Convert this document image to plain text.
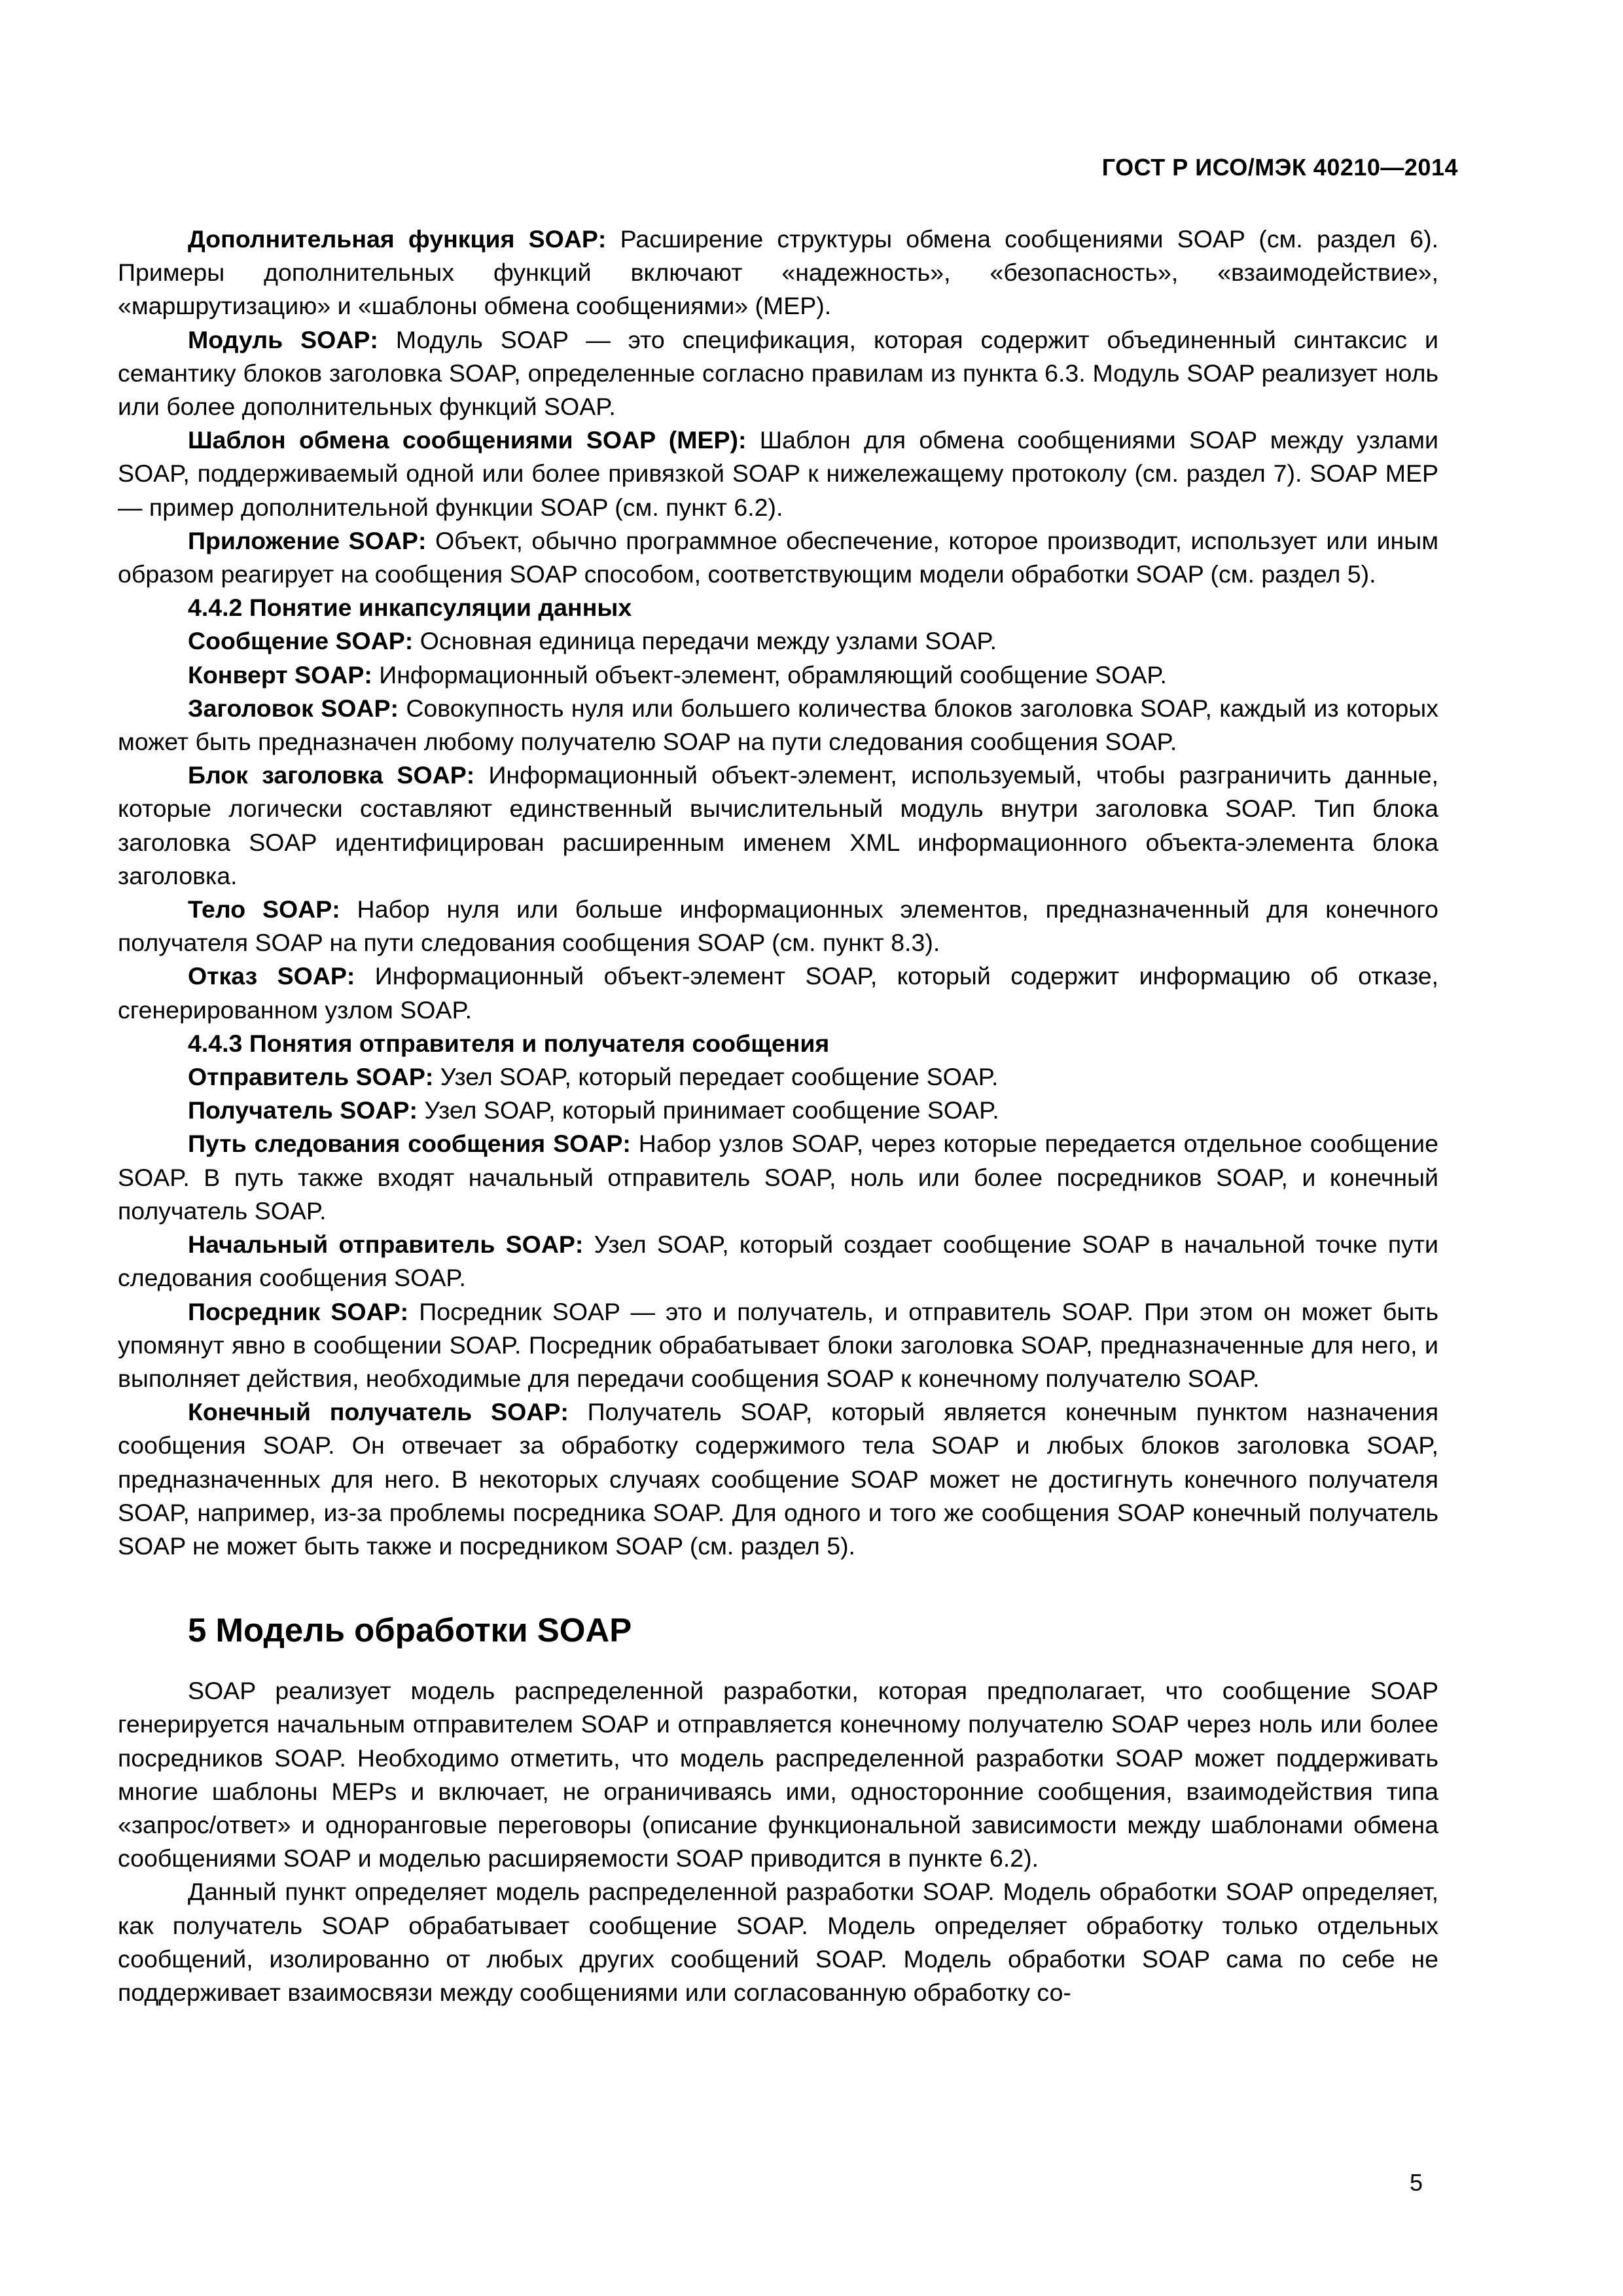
ГОСТ Р ИСО/МЭК 40210—2014

Дополнительная функция SOAP: Расширение структуры обмена сообщениями SOAP (см. раздел 6). Примеры дополнительных функций включают «надежность», «безопасность», «взаимодействие», «маршрутизацию» и «шаблоны обмена сообщениями» (MEP).

Модуль SOAP: Модуль SOAP — это спецификация, которая содержит объединенный синтаксис и семантику блоков заголовка SOAP, определенные согласно правилам из пункта 6.3. Модуль SOAP реализует ноль или более дополнительных функций SOAP.

Шаблон обмена сообщениями SOAP (MEP): Шаблон для обмена сообщениями SOAP между узлами SOAP, поддерживаемый одной или более привязкой SOAP к нижележащему протоколу (см. раздел 7). SOAP MEP — пример дополнительной функции SOAP (см. пункт 6.2).

Приложение SOAP: Объект, обычно программное обеспечение, которое производит, использует или иным образом реагирует на сообщения SOAP способом, соответствующим модели обработки SOAP (см. раздел 5).

4.4.2 Понятие инкапсуляции данных

Сообщение SOAP: Основная единица передачи между узлами SOAP.

Конверт SOAP: Информационный объект-элемент, обрамляющий сообщение SOAP.

Заголовок SOAP: Совокупность нуля или большего количества блоков заголовка SOAP, каждый из которых может быть предназначен любому получателю SOAP на пути следования сообщения SOAP.

Блок заголовка SOAP: Информационный объект-элемент, используемый, чтобы разграничить данные, которые логически составляют единственный вычислительный модуль внутри заголовка SOAP. Тип блока заголовка SOAP идентифицирован расширенным именем XML информационного объекта-элемента блока заголовка.

Тело SOAP: Набор нуля или больше информационных элементов, предназначенный для конечного получателя SOAP на пути следования сообщения SOAP (см. пункт 8.3).

Отказ SOAP: Информационный объект-элемент SOAP, который содержит информацию об отказе, сгенерированном узлом SOAP.

4.4.3 Понятия отправителя и получателя сообщения

Отправитель SOAP: Узел SOAP, который передает сообщение SOAP.

Получатель SOAP: Узел SOAP, который принимает сообщение SOAP.

Путь следования сообщения SOAP: Набор узлов SOAP, через которые передается отдельное сообщение SOAP. В путь также входят начальный отправитель SOAP, ноль или более посредников SOAP, и конечный получатель SOAP.

Начальный отправитель SOAP: Узел SOAP, который создает сообщение SOAP в начальной точке пути следования сообщения SOAP.

Посредник SOAP: Посредник SOAP — это и получатель, и отправитель SOAP. При этом он может быть упомянут явно в сообщении SOAP. Посредник обрабатывает блоки заголовка SOAP, предназначенные для него, и выполняет действия, необходимые для передачи сообщения SOAP к конечному получателю SOAP.

Конечный получатель SOAP: Получатель SOAP, который является конечным пунктом назначения сообщения SOAP. Он отвечает за обработку содержимого тела SOAP и любых блоков заголовка SOAP, предназначенных для него. В некоторых случаях сообщение SOAP может не достигнуть конечного получателя SOAP, например, из-за проблемы посредника SOAP. Для одного и того же сообщения SOAP конечный получатель SOAP не может быть также и посредником SOAP (см. раздел 5).

5 Модель обработки SOAP

SOAP реализует модель распределенной разработки, которая предполагает, что сообщение SOAP генерируется начальным отправителем SOAP и отправляется конечному получателю SOAP через ноль или более посредников SOAP. Необходимо отметить, что модель распределенной разработки SOAP может поддерживать многие шаблоны MEPs и включает, не ограничиваясь ими, односторонние сообщения, взаимодействия типа «запрос/ответ» и одноранговые переговоры (описание функциональной зависимости между шаблонами обмена сообщениями SOAP и моделью расширяемости SOAP приводится в пункте 6.2).

Данный пункт определяет модель распределенной разработки SOAP. Модель обработки SOAP определяет, как получатель SOAP обрабатывает сообщение SOAP. Модель определяет обработку только отдельных сообщений, изолированно от любых других сообщений SOAP. Модель обработки SOAP сама по себе не поддерживает взаимосвязи между сообщениями или согласованную обработку со-

5
